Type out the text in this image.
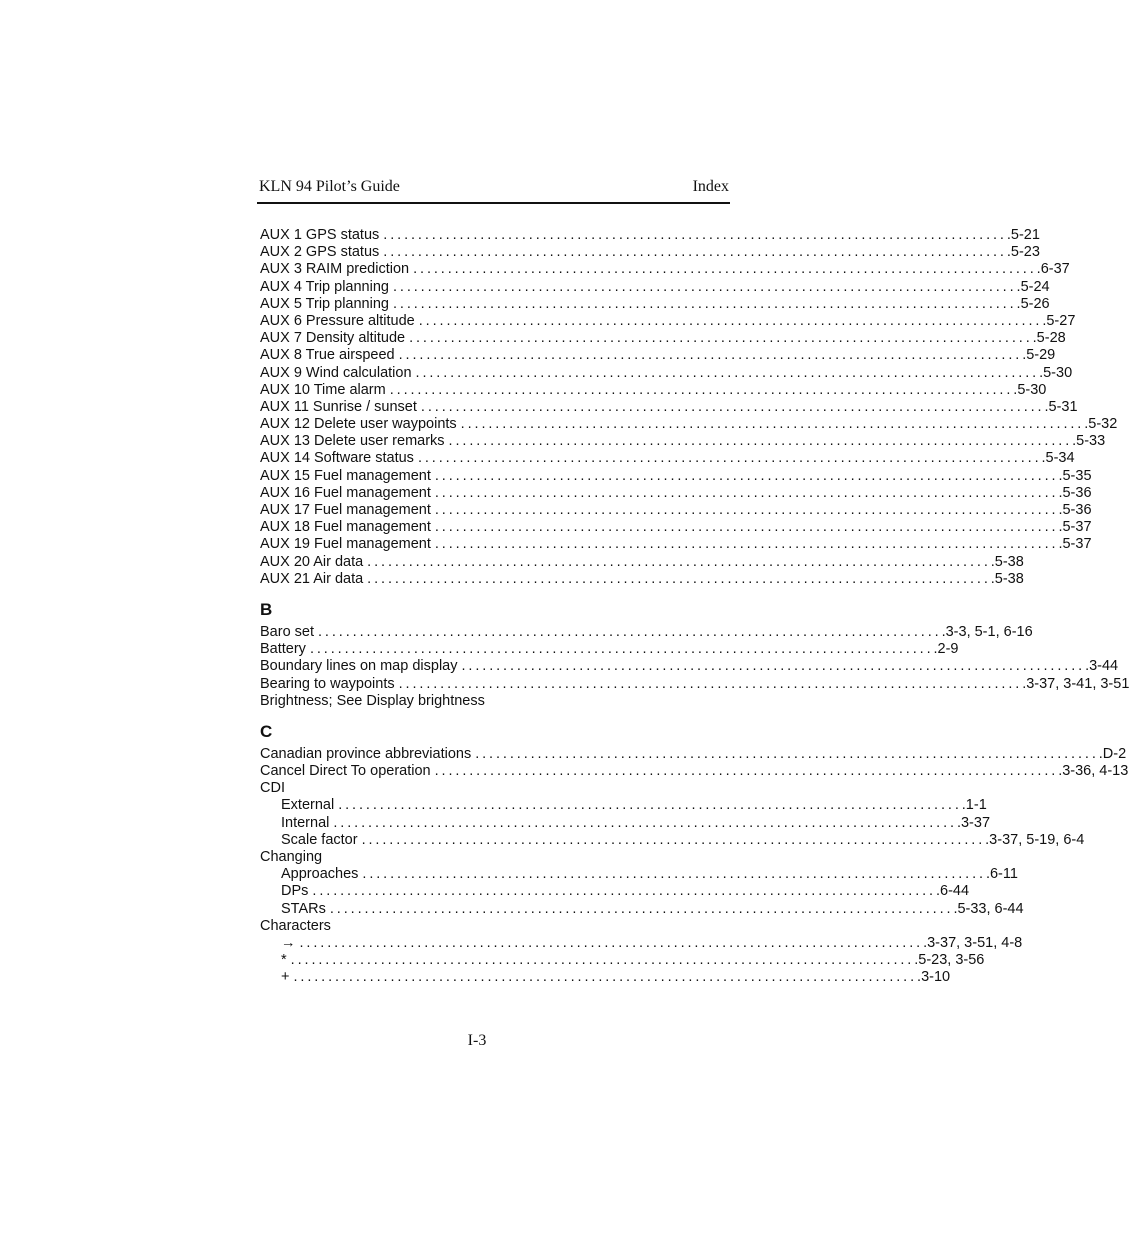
KLN 94 Pilot’s Guide	Index
AUX 1 GPS status .......................................................................................... .5-21
AUX 2 GPS status .......................................................................................... .5-23
AUX 3 RAIM prediction .......................................................................................... .6-37
AUX 4 Trip planning .......................................................................................... .5-24
AUX 5 Trip planning .......................................................................................... .5-26
AUX 6 Pressure altitude .......................................................................................... .5-27
AUX 7 Density altitude .......................................................................................... .5-28
AUX 8 True airspeed .......................................................................................... .5-29
AUX 9 Wind calculation .......................................................................................... .5-30
AUX 10 Time alarm .......................................................................................... .5-30
AUX 11 Sunrise / sunset .......................................................................................... .5-31
AUX 12 Delete user waypoints .......................................................................................... .5-32
AUX 13 Delete user remarks .......................................................................................... .5-33
AUX 14 Software status .......................................................................................... .5-34
AUX 15 Fuel management .......................................................................................... .5-35
AUX 16 Fuel management .......................................................................................... .5-36
AUX 17 Fuel management .......................................................................................... .5-36
AUX 18 Fuel management .......................................................................................... .5-37
AUX 19 Fuel management .......................................................................................... .5-37
AUX 20 Air data .......................................................................................... .5-38
AUX 21 Air data .......................................................................................... .5-38
B
Baro set .......................................................................................... .3-3, 5-1, 6-16
Battery .......................................................................................... .2-9
Boundary lines on map display .......................................................................................... .3-44
Bearing to waypoints .......................................................................................... .3-37, 3-41, 3-51
Brightness; See Display brightness
C
Canadian province abbreviations .......................................................................................... .D-2
Cancel Direct To operation .......................................................................................... .3-36, 4-13
CDI
External .......................................................................................... .1-1
Internal .......................................................................................... .3-37
Scale factor .......................................................................................... .3-37, 5-19, 6-4
Changing
Approaches .......................................................................................... .6-11
DPs .......................................................................................... .6-44
STARs .......................................................................................... .5-33, 6-44
Characters
→ .......................................................................................... .3-37, 3-51, 4-8
* .......................................................................................... .5-23, 3-56
+ .......................................................................................... .3-10
I-3
